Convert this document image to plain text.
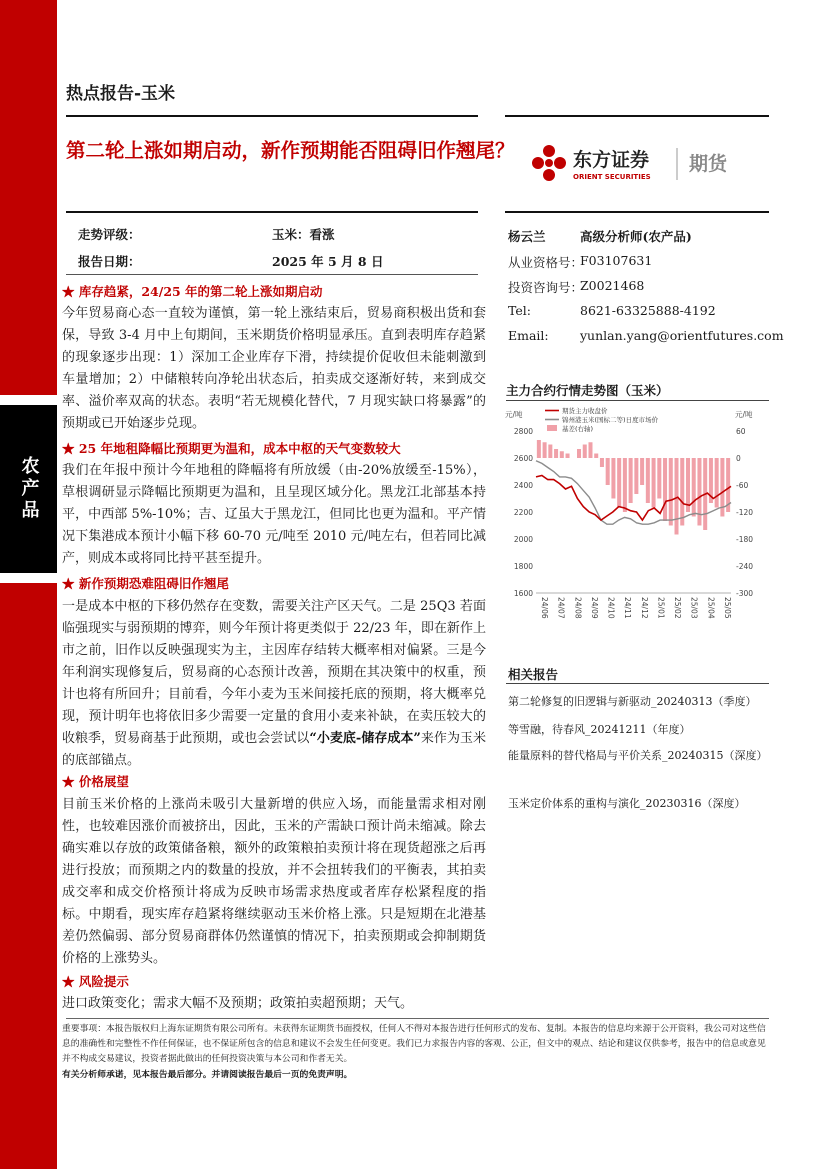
农产品
热点报告-玉米
第二轮上涨如期启动，新作预期能否阻碍旧作翘尾？	东方证券
ORIENT SECURITIES
期货
走势评级：	玉米：看涨
报告日期：	2025 年 5 月 8 日
杨云兰	高级分析师(农产品)
从业资格号：
F03107631
投资咨询号：
Z0021468
Tel:	8621-63325888-4192
Email:	yunlan.yang@orientfutures.com
★ 库存趋紧，24/25 年的第二轮上涨如期启动
今年贸易商心态一直较为谨慎，第一轮上涨结束后，贸易商积极出货和套保，导致 3-4 月中上旬期间，玉米期货价格明显承压。直到表明库存趋紧的现象逐步出现：1）深加工企业库存下滑，持续提价促收但未能刺激到车量增加；2）中储粮转向净轮出状态后，拍卖成交逐渐好转，来到成交率、溢价率双高的状态。表明“若无规模化替代，7 月现实缺口将暴露”的预期或已开始逐步兑现。
★ 25 年地租降幅比预期更为温和，成本中枢的天气变数较大
我们在年报中预计今年地租的降幅将有所放缓（由-20%放缓至-15%），草根调研显示降幅比预期更为温和，且呈现区域分化。黑龙江北部基本持平，中西部 5%-10%；吉、辽虽大于黑龙江，但同比也更为温和。平产情况下集港成本预计小幅下移 60-70 元/吨至 2010 元/吨左右，但若同比减产，则成本或将同比持平甚至提升。
★ 新作预期恐难阻碍旧作翘尾
一是成本中枢的下移仍然存在变数，需要关注产区天气。二是 25Q3 若面临强现实与弱预期的博弈，则今年预计将更类似于 22/23 年，即在新作上市之前，旧作以反映强现实为主，主因库存结转大概率相对偏紧。三是今年利润实现修复后，贸易商的心态预计改善，预期在其决策中的权重，预计也将有所回升；目前看，今年小麦为玉米间接托底的预期，将大概率兑现，预计明年也将依旧多少需要一定量的食用小麦来补缺，在卖压较大的收粮季，贸易商基于此预期，或也会尝试以“小麦底-储存成本”来作为玉米的底部锚点。
★ 价格展望
目前玉米价格的上涨尚未吸引大量新增的供应入场，而能量需求相对刚性，也较难因涨价而被挤出，因此，玉米的产需缺口预计尚未缩减。除去确实难以存放的政策储备粮，额外的政策粮拍卖预计将在现货超涨之后再进行投放；而预期之内的数量的投放，并不会扭转我们的平衡表，其拍卖成交率和成交价格预计将成为反映市场需求热度或者库存松紧程度的指标。中期看，现实库存趋紧将继续驱动玉米价格上涨。只是短期在北港基差仍然偏弱、部分贸易商群体仍然谨慎的情况下，拍卖预期或会抑制期货价格的上涨势头。
★ 风险提示
进口政策变化；需求大幅不及预期；政策拍卖超预期；天气。
主力合约行情走势图（玉米）
元/吨	元/吨
1600
1800
2000
2200
2400
2600
2800
-300
-240
-180
-120
-60
0
60
期货主力收盘价
锦州港玉米(国标二等)日度市场价
基差(右轴)
24/06 24/07 24/08 24/09 24/10 24/11 24/12 25/01 25/02 25/03 25/04 25/05
相关报告
第二轮修复的旧逻辑与新驱动_20240313（季度）
等雪融，待春风_20241211（年度）
能量原料的替代格局与平价关系_20240315（深度）
玉米定价体系的重构与演化_20230316（深度）
重要事项：本报告版权归上海东证期货有限公司所有。未获得东证期货书面授权，任何人不得对本报告进行任何形式的发布、复制。本报告的信息均来源于公开资料，我公司对这些信息的准确性和完整性不作任何保证，也不保证所包含的信息和建议不会发生任何变更。我们已力求报告内容的客观、公正，但文中的观点、结论和建议仅供参考，报告中的信息或意见并不构成交易建议，投资者据此做出的任何投资决策与本公司和作者无关。
有关分析师承诺，见本报告最后部分。并请阅读报告最后一页的免责声明。
